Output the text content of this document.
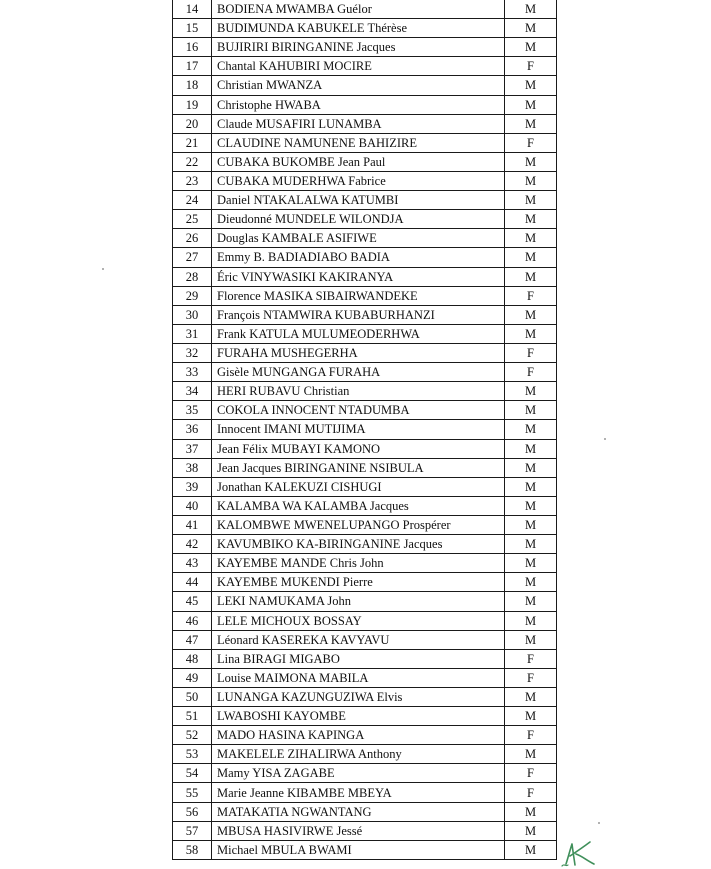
14	BODIENA MWAMBA Guélor	M
15	BUDIMUNDA KABUKELE Thérèse	M
16	BUJIRIRI BIRINGANINE Jacques	M
17	Chantal KAHUBIRI MOCIRE	F
18	Christian MWANZA	M
19	Christophe HWABA	M
20	Claude MUSAFIRI LUNAMBA	M
21	CLAUDINE NAMUNENE BAHIZIRE	F
22	CUBAKA BUKOMBE Jean Paul	M
23	CUBAKA MUDERHWA Fabrice	M
24	Daniel NTAKALALWA KATUMBI	M
25	Dieudonné MUNDELE WILONDJA	M
26	Douglas KAMBALE ASIFIWE	M
27	Emmy B. BADIADIABO BADIA	M
28	Éric VINYWASIKI KAKIRANYA	M
29	Florence MASIKA SIBAIRWANDEKE	F
30	François NTAMWIRA KUBABURHANZI	M
31	Frank KATULA MULUMEODERHWA	M
32	FURAHA MUSHEGERHA	F
33	Gisèle MUNGANGA FURAHA	F
34	HERI RUBAVU Christian	M
35	COKOLA INNOCENT NTADUMBA	M
36	Innocent IMANI MUTIJIMA	M
37	Jean Félix MUBAYI KAMONO	M
38	Jean Jacques BIRINGANINE NSIBULA	M
39	Jonathan KALEKUZI CISHUGI	M
40	KALAMBA WA KALAMBA Jacques	M
41	KALOMBWE MWENELUPANGO Prospérer	M
42	KAVUMBIKO KA-BIRINGANINE Jacques	M
43	KAYEMBE MANDE Chris John	M
44	KAYEMBE MUKENDI Pierre	M
45	LEKI NAMUKAMA John	M
46	LELE MICHOUX BOSSAY	M
47	Léonard KASEREKA KAVYAVU	M
48	Lina BIRAGI MIGABO	F
49	Louise MAIMONA MABILA	F
50	LUNANGA KAZUNGUZIWA Elvis	M
51	LWABOSHI KAYOMBE	M
52	MADO HASINA KAPINGA	F
53	MAKELELE ZIHALIRWA Anthony	M
54	Mamy YISA ZAGABE	F
55	Marie Jeanne KIBAMBE MBEYA	F
56	MATAKATIA NGWANTANG	M
57	MBUSA HASIVIRWE Jessé	M
58	Michael MBULA BWAMI	M
